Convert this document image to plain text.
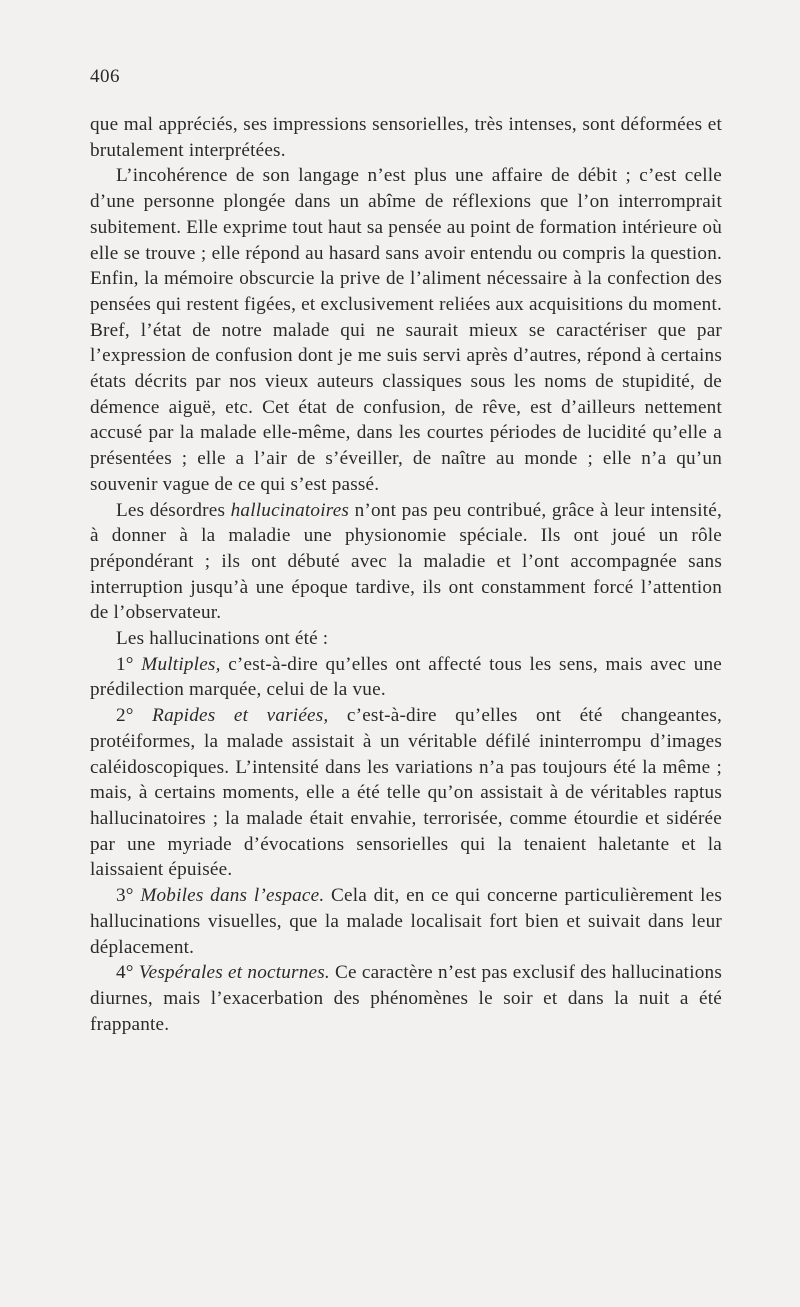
406

que mal appréciés, ses impressions sensorielles, très intenses, sont déformées et brutalement interprétées.

L’incohérence de son langage n’est plus une affaire de débit ; c’est celle d’une personne plongée dans un abîme de réflexions que l’on interromprait subitement. Elle exprime tout haut sa pensée au point de formation intérieure où elle se trouve ; elle répond au hasard sans avoir entendu ou compris la question. Enfin, la mémoire obscurcie la prive de l’aliment nécessaire à la confection des pensées qui restent figées, et exclusivement reliées aux acquisitions du moment. Bref, l’état de notre malade qui ne saurait mieux se caractériser que par l’expression de confusion dont je me suis servi après d’autres, répond à certains états décrits par nos vieux auteurs classiques sous les noms de stupidité, de démence aiguë, etc. Cet état de confusion, de rêve, est d’ailleurs nettement accusé par la malade elle-même, dans les courtes périodes de lucidité qu’elle a présentées ; elle a l’air de s’éveiller, de naître au monde ; elle n’a qu’un souvenir vague de ce qui s’est passé.

Les désordres hallucinatoires n’ont pas peu contribué, grâce à leur intensité, à donner à la maladie une physionomie spéciale. Ils ont joué un rôle prépondérant ; ils ont débuté avec la maladie et l’ont accompagnée sans interruption jusqu’à une époque tardive, ils ont constamment forcé l’attention de l’observateur.

Les hallucinations ont été :

1° Multiples, c’est-à-dire qu’elles ont affecté tous les sens, mais avec une prédilection marquée, celui de la vue.

2° Rapides et variées, c’est-à-dire qu’elles ont été changeantes, protéiformes, la malade assistait à un véritable défilé ininterrompu d’images caléidoscopiques. L’intensité dans les variations n’a pas toujours été la même ; mais, à certains moments, elle a été telle qu’on assistait à de véritables raptus hallucinatoires ; la malade était envahie, terrorisée, comme étourdie et sidérée par une myriade d’évocations sensorielles qui la tenaient haletante et la laissaient épuisée.

3° Mobiles dans l’espace. Cela dit, en ce qui concerne particulièrement les hallucinations visuelles, que la malade localisait fort bien et suivait dans leur déplacement.

4° Vespérales et nocturnes. Ce caractère n’est pas exclusif des hallucinations diurnes, mais l’exacerbation des phénomènes le soir et dans la nuit a été frappante.
